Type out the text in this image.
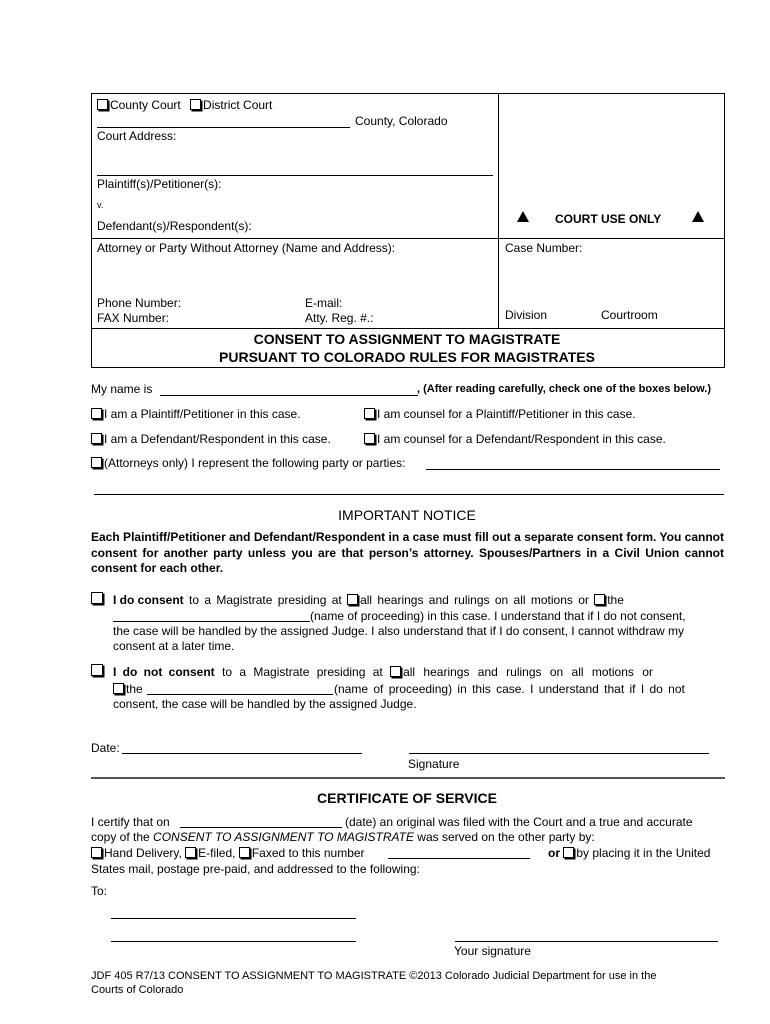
County Court District Court
County, Colorado
Court Address:
Plaintiff(s)/Petitioner(s):
v.
Defendant(s)/Respondent(s):	COURT USE ONLY
Attorney or Party Without Attorney (Name and Address):	Case Number:
Phone Number:
FAX Number:
E-mail:
Atty. Reg. #.:	Division	Courtroom
CONSENT TO ASSIGNMENT TO MAGISTRATE
PURSUANT TO COLORADO RULES FOR MAGISTRATES
My name is	, (After reading carefully, check one of the boxes below.)
I am a Plaintiff/Petitioner in this case.	I am counsel for a Plaintiff/Petitioner in this case.
I am a Defendant/Respondent in this case.	I am counsel for a Defendant/Respondent in this case.
(Attorneys only) I represent the following party or parties:
IMPORTANT NOTICE
Each Plaintiff/Petitioner and Defendant/Respondent in a case must fill out a separate consent form. You cannot consent for another party unless you are that person’s attorney. Spouses/Partners in a Civil Union cannot consent for each other.
I do consent to a Magistrate presiding at all hearings and rulings on all motions or the
(name of proceeding) in this case. I understand that if I do not consent,
the case will be handled by the assigned Judge. I also understand that if I do consent, I cannot withdraw my
consent at a later time.
I do not consent to a Magistrate presiding at all hearings and rulings on all motions or
the	(name of proceeding) in this case. I understand that if I do not
consent, the case will be handled by the assigned Judge.
Date:
Signature
CERTIFICATE OF SERVICE
I certify that on	(date) an original was filed with the Court and a true and accurate
copy of the CONSENT TO ASSIGNMENT TO MAGISTRATE was served on the other party by:
Hand Delivery, E-filed, Faxed to this number	or by placing it in the United
States mail, postage pre-paid, and addressed to the following:
To:
Your signature
JDF 405 R7/13 CONSENT TO ASSIGNMENT TO MAGISTRATE ©2013 Colorado Judicial Department for use in the
Courts of Colorado
